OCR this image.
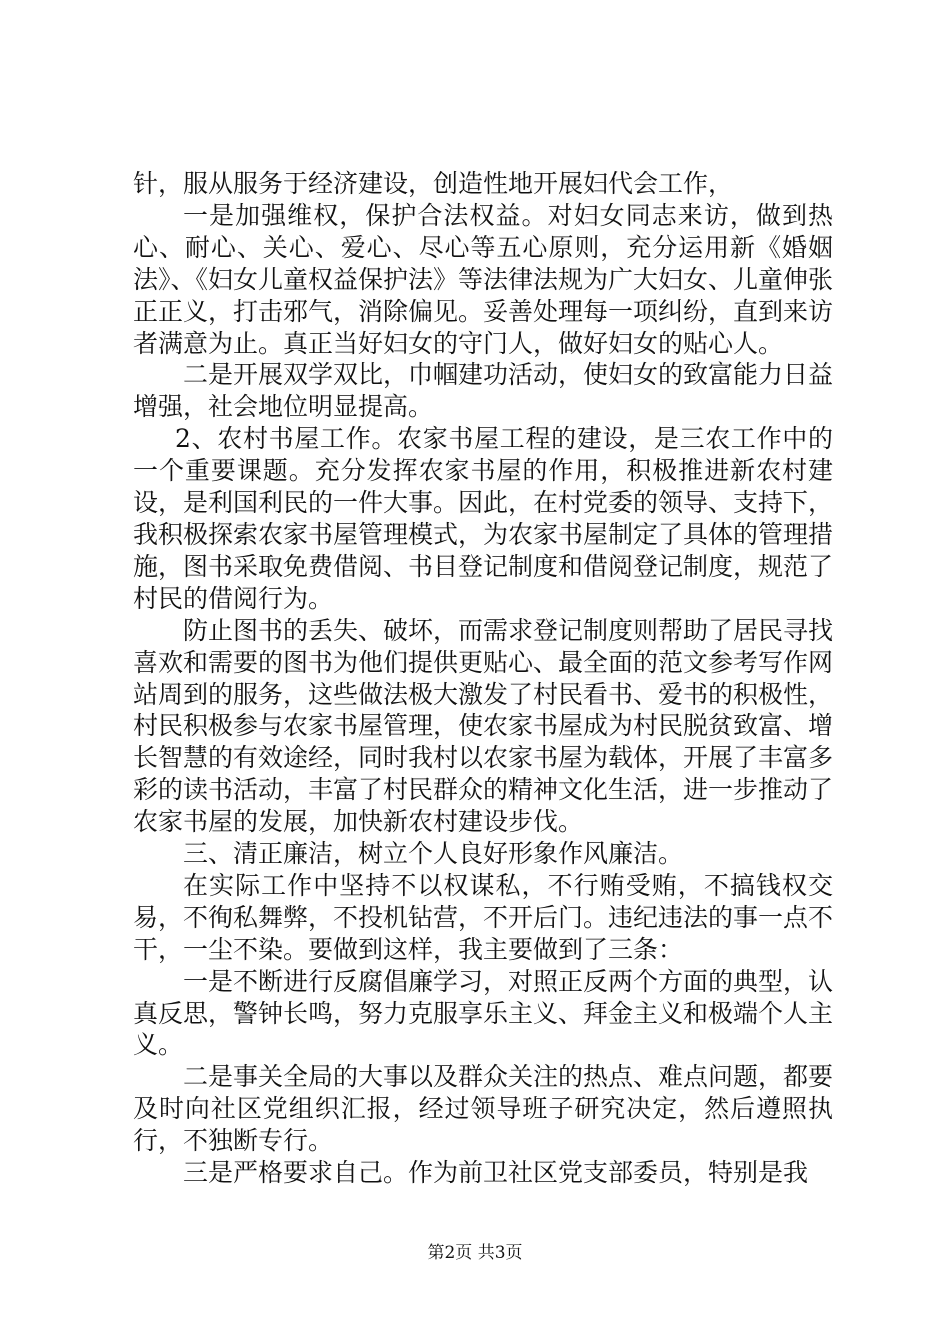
针，服从服务于经济建设，创造性地开展妇代会工作，

一是加强维权，保护合法权益。对妇女同志来访，做到热心、耐心、关心、爱心、尽心等五心原则，充分运用新《婚姻法》、《妇女儿童权益保护法》等法律法规为广大妇女、儿童伸张正正义，打击邪气，消除偏见。妥善处理每一项纠纷，直到来访者满意为止。真正当好妇女的守门人，做好妇女的贴心人。

二是开展双学双比，巾帼建功活动，使妇女的致富能力日益增强，社会地位明显提高。

2、农村书屋工作。农家书屋工程的建设，是三农工作中的一个重要课题。充分发挥农家书屋的作用，积极推进新农村建设，是利国利民的一件大事。因此，在村党委的领导、支持下，我积极探索农家书屋管理模式，为农家书屋制定了具体的管理措施，图书采取免费借阅、书目登记制度和借阅登记制度，规范了村民的借阅行为。

防止图书的丢失、破坏，而需求登记制度则帮助了居民寻找喜欢和需要的图书为他们提供更贴心、最全面的范文参考写作网站周到的服务，这些做法极大激发了村民看书、爱书的积极性，村民积极参与农家书屋管理，使农家书屋成为村民脱贫致富、增长智慧的有效途经，同时我村以农家书屋为载体，开展了丰富多彩的读书活动，丰富了村民群众的精神文化生活，进一步推动了农家书屋的发展，加快新农村建设步伐。

三、清正廉洁，树立个人良好形象作风廉洁。

在实际工作中坚持不以权谋私，不行贿受贿，不搞钱权交易，不徇私舞弊，不投机钻营，不开后门。违纪违法的事一点不干，一尘不染。要做到这样，我主要做到了三条：

一是不断进行反腐倡廉学习，对照正反两个方面的典型，认真反思，警钟长鸣，努力克服享乐主义、拜金主义和极端个人主义。

二是事关全局的大事以及群众关注的热点、难点问题，都要及时向社区党组织汇报，经过领导班子研究决定，然后遵照执行，不独断专行。

三是严格要求自己。作为前卫社区党支部委员，特别是我

第2页 共3页
